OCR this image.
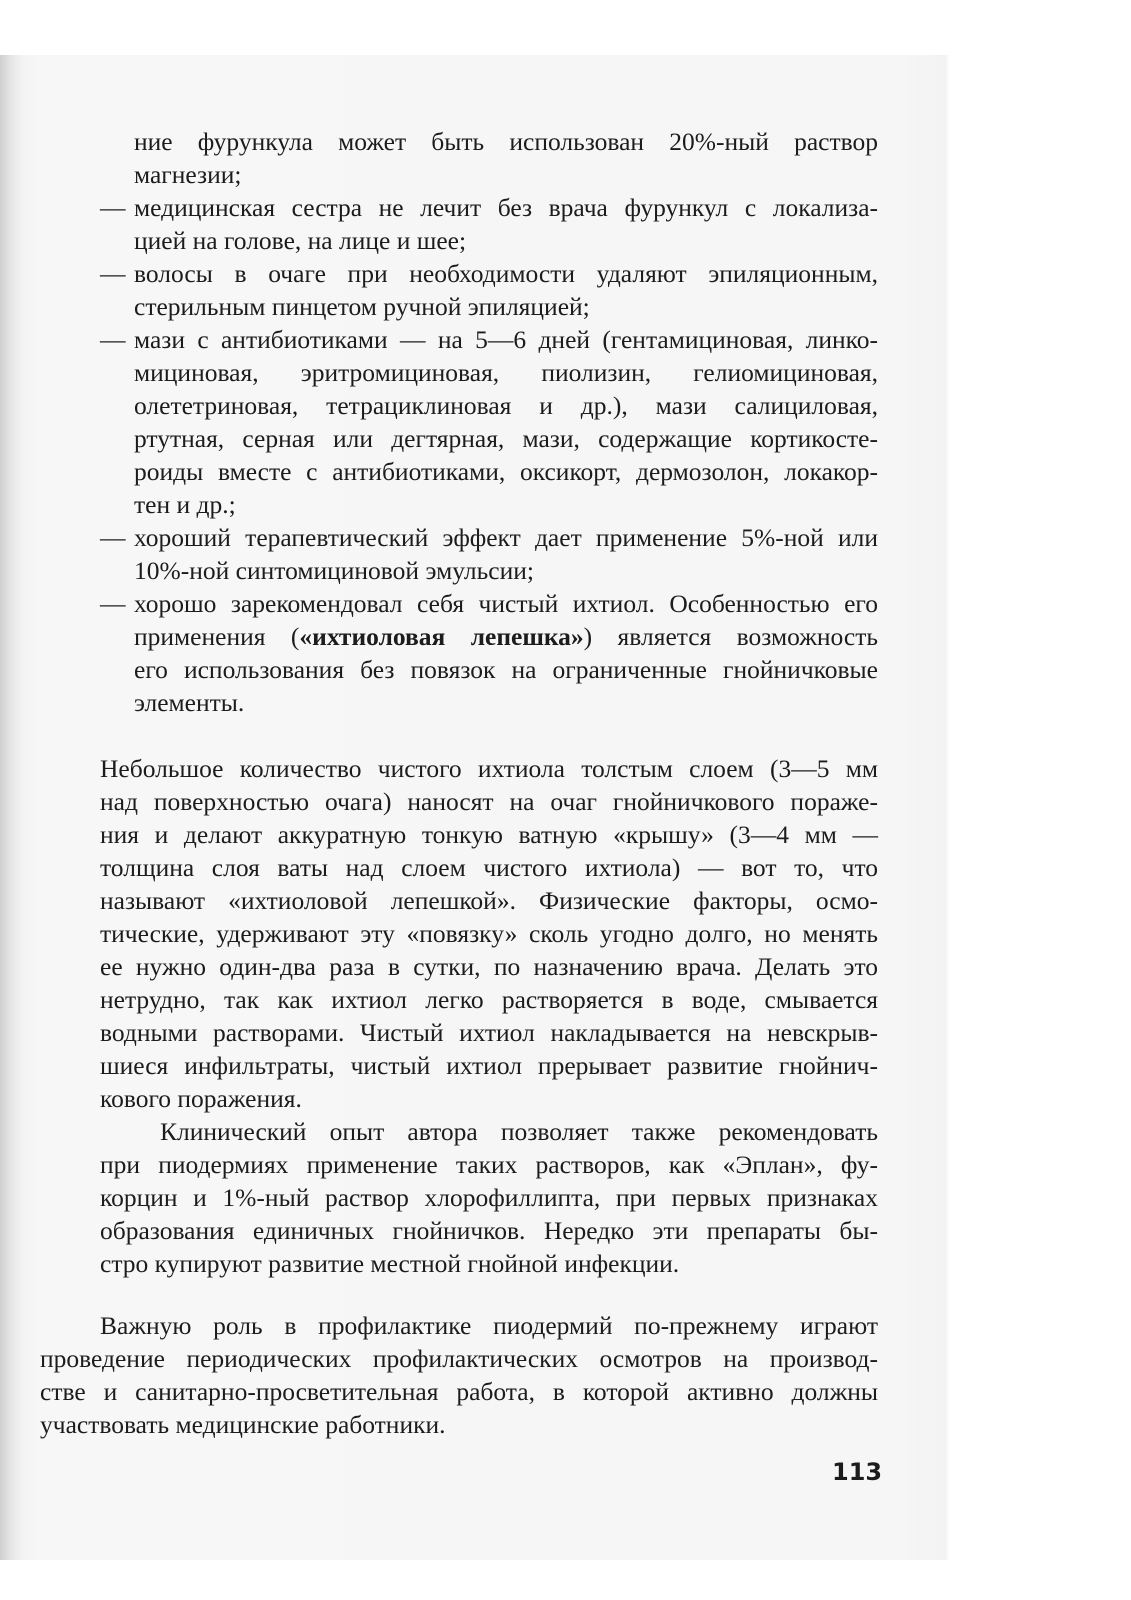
ние фурункула может быть использован 20%-ный раствор
магнезии;
— медицинская сестра не лечит без врача фурункул с локализа-
цией на голове, на лице и шее;
— волосы в очаге при необходимости удаляют эпиляционным,
стерильным пинцетом ручной эпиляцией;
— мази с антибиотиками — на 5—6 дней (гентамициновая, линко-
мициновая, эритромициновая, пиолизин, гелиомициновая,
олететриновая, тетрациклиновая и др.), мази салициловая,
ртутная, серная или дегтярная, мази, содержащие кортикосте-
роиды вместе с антибиотиками, оксикорт, дермозолон, локакор-
тен и др.;
— хороший терапевтический эффект дает применение 5%-ной или
10%-ной синтомициновой эмульсии;
— хорошо зарекомендовал себя чистый ихтиол. Особенностью его
применения («ихтиоловая лепешка») является возможность
его использования без повязок на ограниченные гнойничковые
элементы.
Небольшое количество чистого ихтиола толстым слоем (3—5 мм
над поверхностью очага) наносят на очаг гнойничкового пораже-
ния и делают аккуратную тонкую ватную «крышу» (3—4 мм —
толщина слоя ваты над слоем чистого ихтиола) — вот то, что
называют «ихтиоловой лепешкой». Физические факторы, осмо-
тические, удерживают эту «повязку» сколь угодно долго, но менять
ее нужно один-два раза в сутки, по назначению врача. Делать это
нетрудно, так как ихтиол легко растворяется в воде, смывается
водными растворами. Чистый ихтиол накладывается на невскрыв-
шиеся инфильтраты, чистый ихтиол прерывает развитие гнойнич-
кового поражения.
Клинический опыт автора позволяет также рекомендовать
при пиодермиях применение таких растворов, как «Эплан», фу-
корцин и 1%-ный раствор хлорофиллипта, при первых признаках
образования единичных гнойничков. Нередко эти препараты бы-
стро купируют развитие местной гнойной инфекции.
Важную роль в профилактике пиодермий по-прежнему играют
проведение периодических профилактических осмотров на производ-
стве и санитарно-просветительная работа, в которой активно должны
участвовать медицинские работники.
113
